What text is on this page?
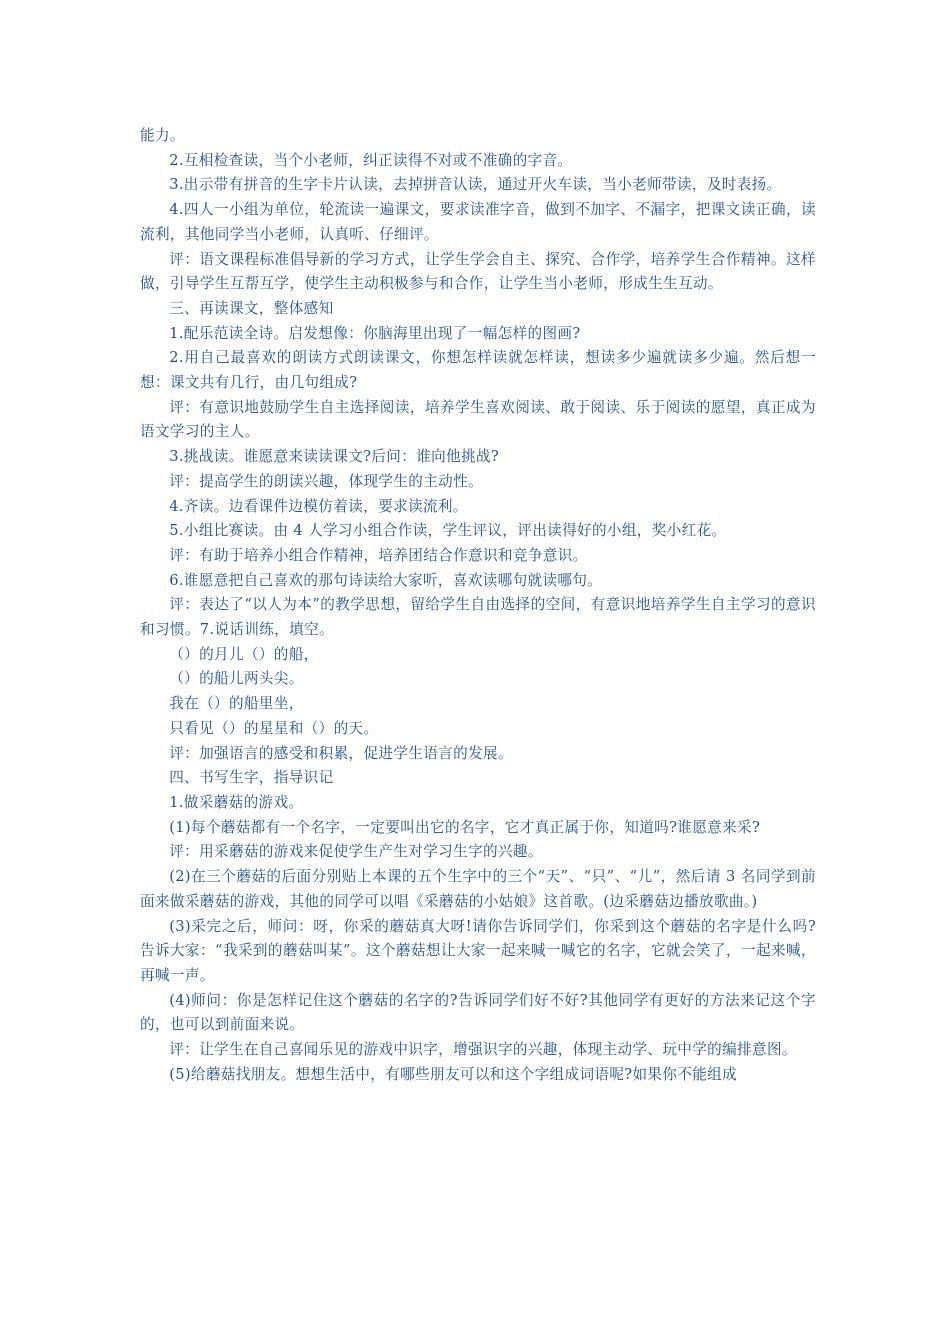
能力。

2.互相检查读，当个小老师，纠正读得不对或不准确的字音。

3.出示带有拼音的生字卡片认读，去掉拼音认读，通过开火车读，当小老师带读，及时表扬。

4.四人一小组为单位，轮流读一遍课文，要求读准字音，做到不加字、不漏字，把课文读正确，读流利，其他同学当小老师，认真听、仔细评。

评：语文课程标准倡导新的学习方式，让学生学会自主、探究、合作学，培养学生合作精神。这样做，引导学生互帮互学，使学生主动积极参与和合作，让学生当小老师，形成生生互动。

三、再读课文，整体感知

1.配乐范读全诗。启发想像：你脑海里出现了一幅怎样的图画?

2.用自己最喜欢的朗读方式朗读课文，你想怎样读就怎样读，想读多少遍就读多少遍。然后想一想：课文共有几行，由几句组成?

评：有意识地鼓励学生自主选择阅读，培养学生喜欢阅读、敢于阅读、乐于阅读的愿望，真正成为语文学习的主人。

3.挑战读。谁愿意来读读课文?后问：谁向他挑战?

评：提高学生的朗读兴趣，体现学生的主动性。

4.齐读。边看课件边模仿着读，要求读流利。

5.小组比赛读。由 4 人学习小组合作读，学生评议，评出读得好的小组，奖小红花。

评：有助于培养小组合作精神，培养团结合作意识和竞争意识。

6.谁愿意把自己喜欢的那句诗读给大家听，喜欢读哪句就读哪句。

评：表达了“以人为本”的教学思想，留给学生自由选择的空间，有意识地培养学生自主学习的意识和习惯。7.说话训练，填空。

（）的月儿（）的船，

（）的船儿两头尖。

我在（）的船里坐，

只看见（）的星星和（）的天。

评：加强语言的感受和积累，促进学生语言的发展。

四、书写生字，指导识记

1.做采蘑菇的游戏。

(1)每个蘑菇都有一个名字，一定要叫出它的名字，它才真正属于你，知道吗?谁愿意来采?

评：用采蘑菇的游戏来促使学生产生对学习生字的兴趣。

(2)在三个蘑菇的后面分别贴上本课的五个生字中的三个“天”、“只”、“儿”，然后请 3 名同学到前面来做采蘑菇的游戏，其他的同学可以唱《采蘑菇的小姑娘》这首歌。(边采蘑菇边播放歌曲。)

(3)采完之后，师问：呀，你采的蘑菇真大呀!请你告诉同学们，你采到这个蘑菇的名字是什么吗?告诉大家：“我采到的蘑菇叫某”。这个蘑菇想让大家一起来喊一喊它的名字，它就会笑了，一起来喊，再喊一声。

(4)师问：你是怎样记住这个蘑菇的名字的?告诉同学们好不好?其他同学有更好的方法来记这个字的，也可以到前面来说。

评：让学生在自己喜闻乐见的游戏中识字，增强识字的兴趣，体现主动学、玩中学的编排意图。

(5)给蘑菇找朋友。想想生活中，有哪些朋友可以和这个字组成词语呢?如果你不能组成
